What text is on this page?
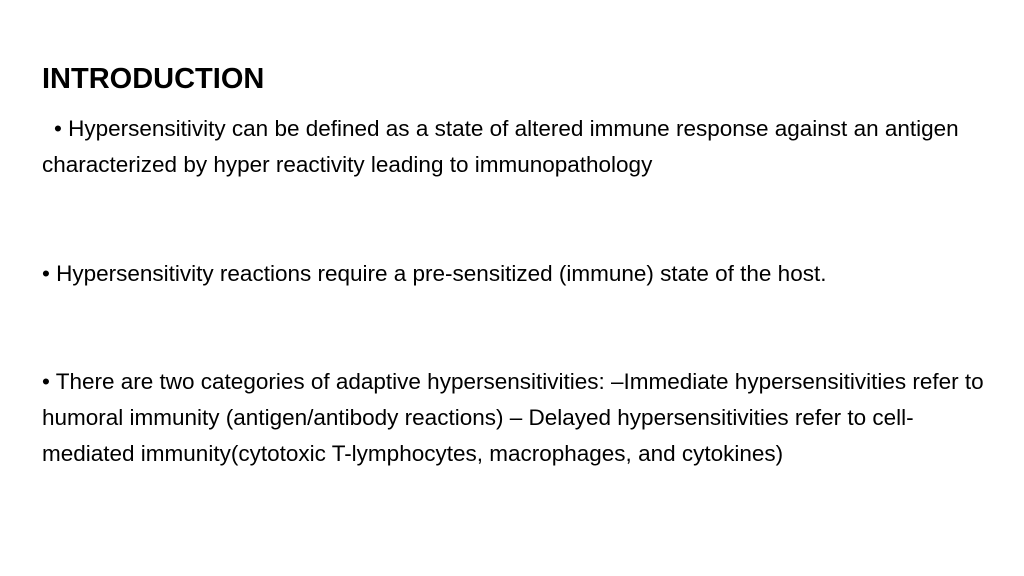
INTRODUCTION
• Hypersensitivity can be defined as a state of altered immune response against an antigen characterized by hyper reactivity leading to immunopathology
• Hypersensitivity reactions require a pre-sensitized (immune) state of the host.
• There are two categories of adaptive hypersensitivities: –Immediate hypersensitivities refer to humoral immunity (antigen/antibody reactions) – Delayed hypersensitivities refer to cell-mediated immunity(cytotoxic T-lymphocytes, macrophages, and cytokines)
